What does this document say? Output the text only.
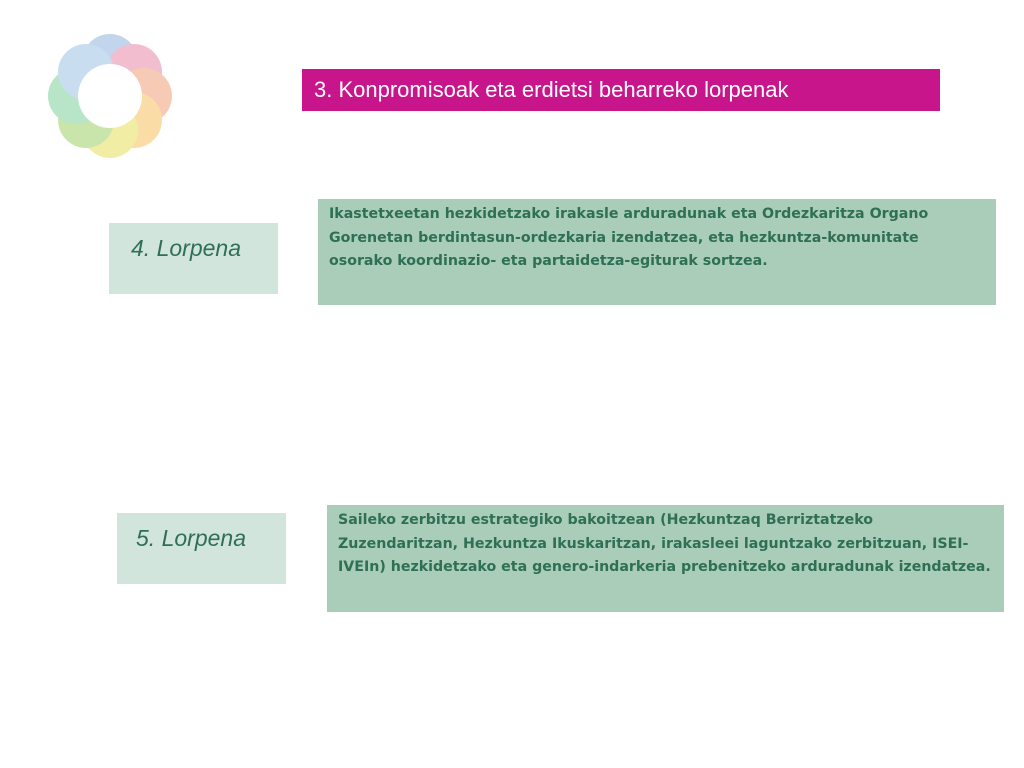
3. Konpromisoak eta erdietsi beharreko lorpenak
4. Lorpena
Ikastetxeetan hezkidetzako irakasle arduradunak eta Ordezkaritza Organo Gorenetan berdintasun-ordezkaria izendatzea, eta hezkuntza-komunitate osorako koordinazio- eta partaidetza-egiturak sortzea.
5. Lorpena
Saileko zerbitzu estrategiko bakoitzean (Hezkuntzaq Berriztatzeko Zuzendaritzan, Hezkuntza Ikuskaritzan, irakasleei laguntzako zerbitzuan, ISEI-IVEIn) hezkidetzako eta genero-indarkeria prebenitzeko arduradunak izendatzea.
